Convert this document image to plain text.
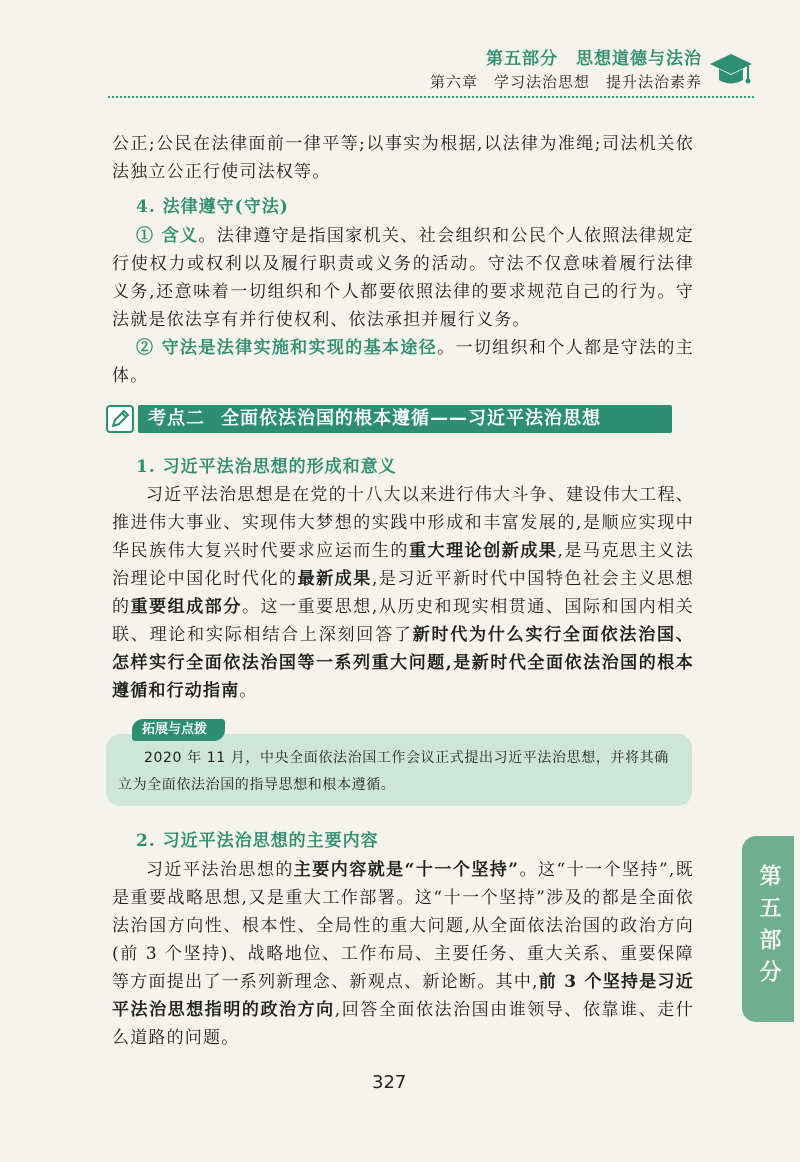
第五部分　思想道德与法治
第六章　学习法治思想　提升法治素养

公正;公民在法律面前一律平等;以事实为根据,以法律为准绳;司法机关依法独立公正行使司法权等。

4. 法律遵守(守法)

① 含义。法律遵守是指国家机关、社会组织和公民个人依照法律规定行使权力或权利以及履行职责或义务的活动。守法不仅意味着履行法律义务,还意味着一切组织和个人都要依照法律的要求规范自己的行为。守法就是依法享有并行使权利、依法承担并履行义务。

② 守法是法律实施和实现的基本途径。一切组织和个人都是守法的主体。

考点二 全面依法治国的根本遵循——习近平法治思想
1. 习近平法治思想的形成和意义

习近平法治思想是在党的十八大以来进行伟大斗争、建设伟大工程、推进伟大事业、实现伟大梦想的实践中形成和丰富发展的,是顺应实现中华民族伟大复兴时代要求应运而生的重大理论创新成果,是马克思主义法治理论中国化时代化的最新成果,是习近平新时代中国特色社会主义思想的重要组成部分。这一重要思想,从历史和现实相贯通、国际和国内相关联、理论和实际相结合上深刻回答了新时代为什么实行全面依法治国、怎样实行全面依法治国等一系列重大问题,是新时代全面依法治国的根本遵循和行动指南。

拓展与点拨

2020 年 11 月，中央全面依法治国工作会议正式提出习近平法治思想，并将其确立为全面依法治国的指导思想和根本遵循。

2. 习近平法治思想的主要内容

习近平法治思想的主要内容就是“十一个坚持”。这“十一个坚持”,既是重要战略思想,又是重大工作部署。这“十一个坚持”涉及的都是全面依法治国方向性、根本性、全局性的重大问题,从全面依法治国的政治方向(前 3 个坚持)、战略地位、工作布局、主要任务、重大关系、重要保障等方面提出了一系列新理念、新观点、新论断。其中,前 3 个坚持是习近平法治思想指明的政治方向,回答全面依法治国由谁领导、依靠谁、走什么道路的问题。

第五部分
327
